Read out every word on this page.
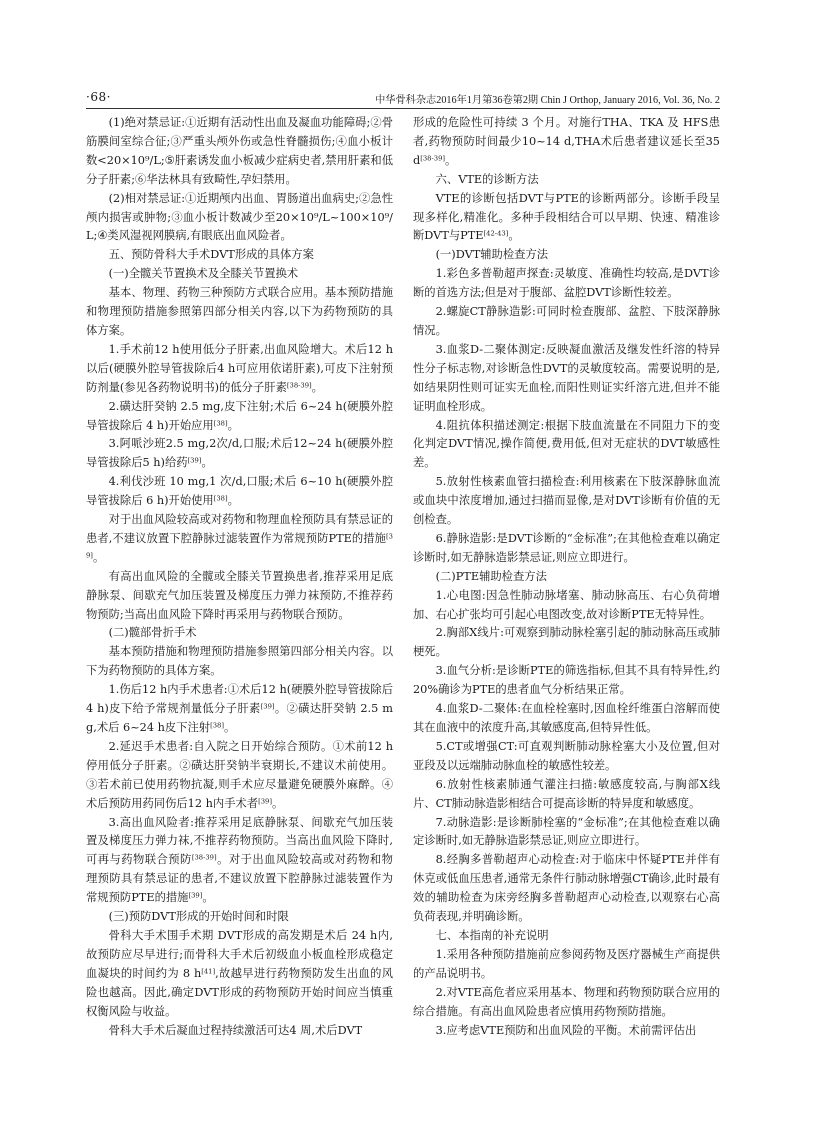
·68·	中华骨科杂志2016年1月第36卷第2期 Chin J Orthop, January 2016, Vol. 36, No. 2

(1)绝对禁忌证:①近期有活动性出血及凝血功能障碍;②骨筋膜间室综合征;③严重头颅外伤或急性脊髓损伤;④血小板计数<20×10⁹/L;⑤肝素诱发血小板减少症病史者,禁用肝素和低分子肝素;⑥华法林具有致畸性,孕妇禁用。

(2)相对禁忌证:①近期颅内出血、胃肠道出血病史;②急性颅内损害或肿物;③血小板计数减少至20×10⁹/L~100×10⁹/L;④类风湿视网膜病,有眼底出血风险者。

五、预防骨科大手术DVT形成的具体方案

(一)全髋关节置换术及全膝关节置换术

基本、物理、药物三种预防方式联合应用。基本预防措施和物理预防措施参照第四部分相关内容,以下为药物预防的具体方案。

1.手术前12 h使用低分子肝素,出血风险增大。术后12 h以后(硬膜外腔导管拔除后4 h可应用依诺肝素),可皮下注射预防剂量(参见各药物说明书)的低分子肝素[38-39]。

2.磺达肝癸钠 2.5 mg,皮下注射;术后 6~24 h(硬膜外腔导管拔除后 4 h)开始应用[38]。

3.阿哌沙班2.5 mg,2次/d,口服;术后12~24 h(硬膜外腔导管拔除后5 h)给药[39]。

4.利伐沙班 10 mg,1 次/d,口服;术后 6~10 h(硬膜外腔导管拔除后 6 h)开始使用[38]。

对于出血风险较高或对药物和物理血栓预防具有禁忌证的患者,不建议放置下腔静脉过滤装置作为常规预防PTE的措施[39]。

有高出血风险的全髋或全膝关节置换患者,推荐采用足底静脉泵、间歇充气加压装置及梯度压力弹力袜预防,不推荐药物预防;当高出血风险下降时再采用与药物联合预防。

(二)髋部骨折手术

基本预防措施和物理预防措施参照第四部分相关内容。以下为药物预防的具体方案。

1.伤后12 h内手术患者:①术后12 h(硬膜外腔导管拔除后4 h)皮下给予常规剂量低分子肝素[39]。②磺达肝癸钠 2.5 mg,术后 6~24 h皮下注射[38]。

2.延迟手术患者:自入院之日开始综合预防。①术前12 h停用低分子肝素。②磺达肝癸钠半衰期长,不建议术前使用。③若术前已使用药物抗凝,则手术应尽量避免硬膜外麻醉。④术后预防用药同伤后12 h内手术者[39]。

3.高出血风险者:推荐采用足底静脉泵、间歇充气加压装置及梯度压力弹力袜,不推荐药物预防。当高出血风险下降时,可再与药物联合预防[38-39]。对于出血风险较高或对药物和物理预防具有禁忌证的患者,不建议放置下腔静脉过滤装置作为常规预防PTE的措施[39]。

(三)预防DVT形成的开始时间和时限

骨科大手术围手术期 DVT形成的高发期是术后 24 h内,故预防应尽早进行;而骨科大手术后初级血小板血栓形成稳定血凝块的时间约为 8 h[41],故越早进行药物预防发生出血的风险也越高。因此,确定DVT形成的药物预防开始时间应当慎重权衡风险与收益。

骨科大手术后凝血过程持续激活可达4 周,术后DVT

形成的危险性可持续 3 个月。对施行THA、TKA 及 HFS患者,药物预防时间最少10~14 d,THA术后患者建议延长至35 d[38-39]。

六、VTE的诊断方法

VTE的诊断包括DVT与PTE的诊断两部分。诊断手段呈现多样化,精准化。多种手段相结合可以早期、快速、精准诊断DVT与PTE[42-43]。

(一)DVT辅助检查方法

1.彩色多普勒超声探查:灵敏度、准确性均较高,是DVT诊断的首选方法;但是对于腹部、盆腔DVT诊断性较差。

2.螺旋CT静脉造影:可同时检查腹部、盆腔、下肢深静脉情况。

3.血浆D-二聚体测定:反映凝血激活及继发性纤溶的特异性分子标志物,对诊断急性DVT的灵敏度较高。需要说明的是,如结果阴性则可证实无血栓,而阳性则证实纤溶亢进,但并不能证明血栓形成。

4.阻抗体积描述测定:根据下肢血流量在不同阻力下的变化判定DVT情况,操作简便,费用低,但对无症状的DVT敏感性差。

5.放射性核素血管扫描检查:利用核素在下肢深静脉血流或血块中浓度增加,通过扫描而显像,是对DVT诊断有价值的无创检查。

6.静脉造影:是DVT诊断的“金标准”;在其他检查难以确定诊断时,如无静脉造影禁忌证,则应立即进行。

(二)PTE辅助检查方法

1.心电图:因急性肺动脉堵塞、肺动脉高压、右心负荷增加、右心扩张均可引起心电图改变,故对诊断PTE无特异性。

2.胸部X线片:可观察到肺动脉栓塞引起的肺动脉高压或肺梗死。

3.血气分析:是诊断PTE的筛选指标,但其不具有特异性,约20%确诊为PTE的患者血气分析结果正常。

4.血浆D-二聚体:在血栓栓塞时,因血栓纤维蛋白溶解而使其在血液中的浓度升高,其敏感度高,但特异性低。

5.CT或增强CT:可直观判断肺动脉栓塞大小及位置,但对亚段及以远端肺动脉血栓的敏感性较差。

6.放射性核素肺通气灌注扫描:敏感度较高,与胸部X线片、CT肺动脉造影相结合可提高诊断的特异度和敏感度。

7.动脉造影:是诊断肺栓塞的“金标准”;在其他检查难以确定诊断时,如无静脉造影禁忌证,则应立即进行。

8.经胸多普勒超声心动检查:对于临床中怀疑PTE并伴有休克或低血压患者,通常无条件行肺动脉增强CT确诊,此时最有效的辅助检查为床旁经胸多普勒超声心动检查,以观察右心高负荷表现,并明确诊断。

七、本指南的补充说明

1.采用各种预防措施前应参阅药物及医疗器械生产商提供的产品说明书。

2.对VTE高危者应采用基本、物理和药物预防联合应用的综合措施。有高出血风险患者应慎用药物预防措施。

3.应考虑VTE预防和出血风险的平衡。术前需评估出
